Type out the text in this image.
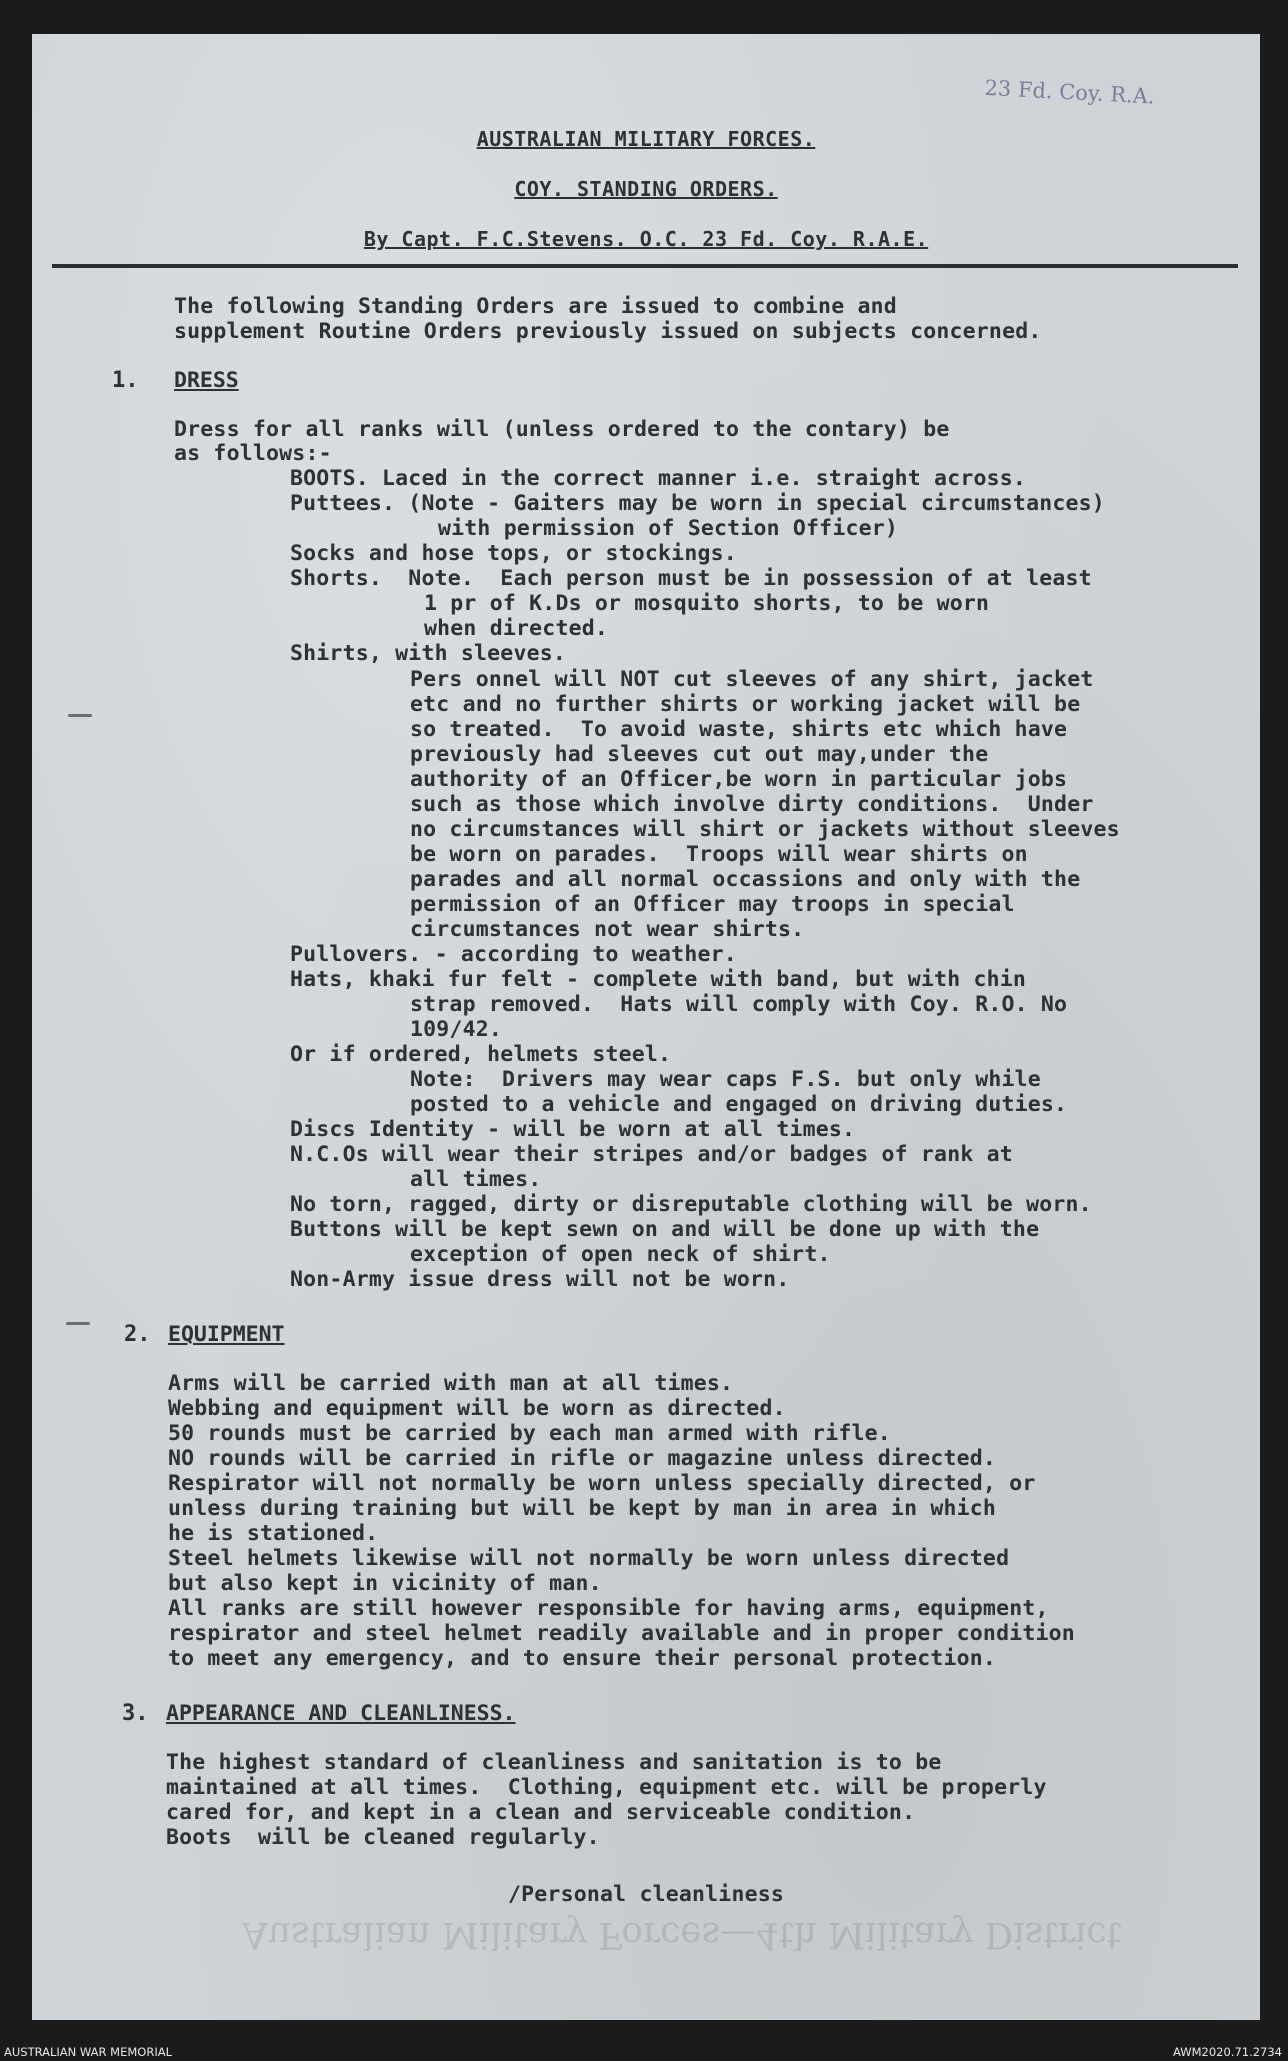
23 Fd. Coy. R.A.
AUSTRALIAN MILITARY FORCES.
COY. STANDING ORDERS.
By Capt. F.C.Stevens. O.C. 23 Fd. Coy. R.A.E.
The following Standing Orders are issued to combine and
supplement Routine Orders previously issued on subjects concerned.
1. DRESS
Dress for all ranks will (unless ordered to the contary) be
as follows:-
BOOTS. Laced in the correct manner i.e. straight across.
Puttees. (Note - Gaiters may be worn in special circumstances)
with permission of Section Officer)
Socks and hose tops, or stockings.
Shorts.  Note.  Each person must be in possession of at least
1 pr of K.Ds or mosquito shorts, to be worn
when directed.
Shirts, with sleeves.
Pers onnel will NOT cut sleeves of any shirt, jacket
etc and no further shirts or working jacket will be
so treated.  To avoid waste, shirts etc which have
previously had sleeves cut out may,under the
authority of an Officer,be worn in particular jobs
such as those which involve dirty conditions.  Under
no circumstances will shirt or jackets without sleeves
be worn on parades.  Troops will wear shirts on
parades and all normal occassions and only with the
permission of an Officer may troops in special
circumstances not wear shirts.
Pullovers. - according to weather.
Hats, khaki fur felt - complete with band, but with chin
strap removed.  Hats will comply with Coy. R.O. No
109/42.
Or if ordered, helmets steel.
Note:  Drivers may wear caps F.S. but only while
posted to a vehicle and engaged on driving duties.
Discs Identity - will be worn at all times.
N.C.Os will wear their stripes and/or badges of rank at
all times.
No torn, ragged, dirty or disreputable clothing will be worn.
Buttons will be kept sewn on and will be done up with the
exception of open neck of shirt.
Non-Army issue dress will not be worn.
2. EQUIPMENT
Arms will be carried with man at all times.
Webbing and equipment will be worn as directed.
50 rounds must be carried by each man armed with rifle.
NO rounds will be carried in rifle or magazine unless directed.
Respirator will not normally be worn unless specially directed, or
unless during training but will be kept by man in area in which
he is stationed.
Steel helmets likewise will not normally be worn unless directed
but also kept in vicinity of man.
All ranks are still however responsible for having arms, equipment,
respirator and steel helmet readily available and in proper condition
to meet any emergency, and to ensure their personal protection.
3. APPEARANCE AND CLEANLINESS.
The highest standard of cleanliness and sanitation is to be
maintained at all times.  Clothing, equipment etc. will be properly
cared for, and kept in a clean and serviceable condition.
Boots  will be cleaned regularly.
/Personal cleanliness
Australian Military Forces—4th Military District
AUSTRALIAN WAR MEMORIAL	AWM2020.71.2734
